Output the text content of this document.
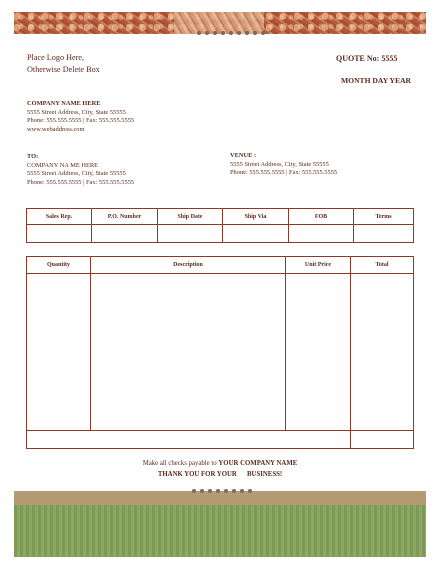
Place Logo Here,
Otherwise Delete Box
QUOTE No: 5555
MONTH DAY YEAR
COMPANY NAME HERE
5555 Street Address, City, State 55555
Phone: 555.555.5555 | Fax: 555.555.5555
www.webaddress.com
TO:
COMPANY NA ME HERE
5555 Street Address, City, State 55555
Phone: 555.555.5555 | Fax: 555.555.5555
VENUE :
5555 Street Address, City, State 55555
Phone: 555.555.5555 | Fax: 555.555.5555
Sales Rep.	P.O. Number	Ship Date	Ship Via	FOB	Terms

Quantity	Description	Unit Price	Total

Make all checks payable to YOUR COMPANY NAME
THANK YOU FOR YOUR      BUSINESS!
